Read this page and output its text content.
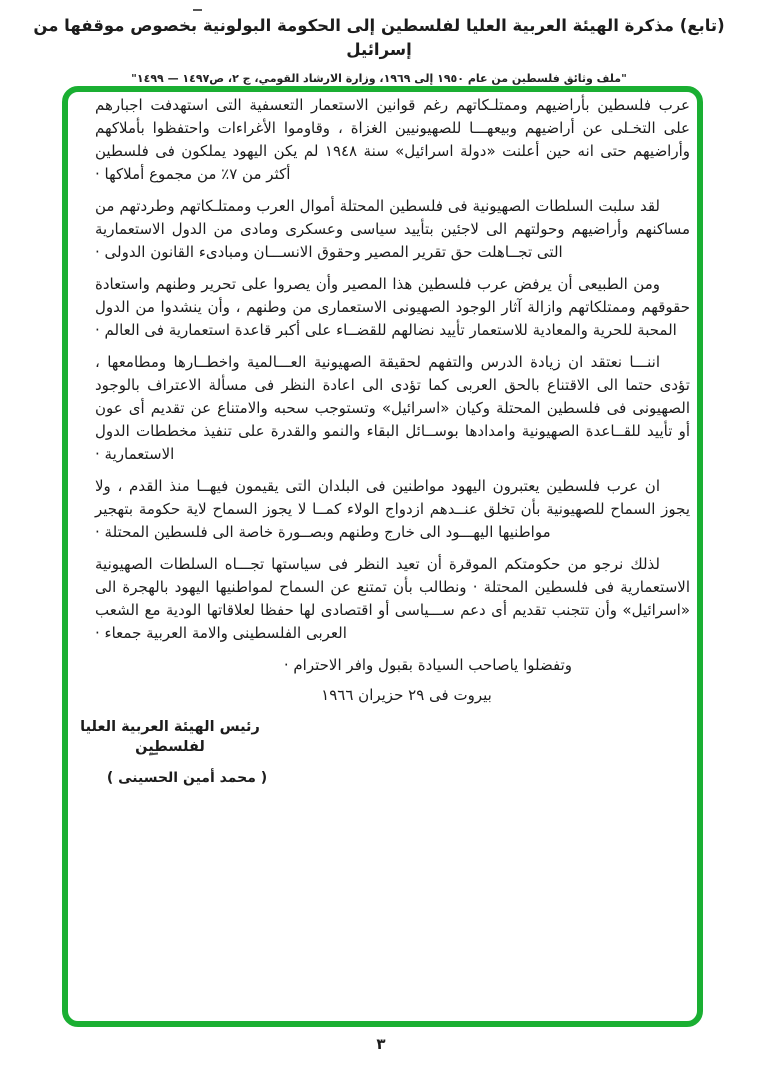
(تابع) مذكرة الهيئة العربية العليا لفلسطين إلى الحكومة البولونية بخصوص موقفها من إسرائيل
"ملف وثائق فلسطين من عام ١٩٥٠ إلى ١٩٦٩، وزارة الارشاد القومي، ج ٢، ص١٤٩٧ — ١٤٩٩"

عرب فلسطين بأراضيهم وممتلـكاتهم رغم قوانين الاستعمار التعسفية التى استهدفت اجبارهم على التخـلى عن أراضيهم وبيعهـــا للصهيونيين الغزاة ، وقاوموا الأغراءات واحتفظوا بأملاكهم وأراضيهم حتى انه حين أعلنت «دولة اسرائيل» سنة ١٩٤٨ لم يكن اليهود يملكون فى فلسطين أكثر من ٧٪ من مجموع أملاكها ·

لقد سلبت السلطات الصهيونية فى فلسطين المحتلة أموال العرب وممتلـكاتهم وطردتهم من مساكنهم وأراضيهم وحولتهم الى لاجئين بتأييد سياسى وعسكرى ومادى من الدول الاستعمارية التى تجــاهلت حق تقرير المصير وحقوق الانســـان ومبادىء القانون الدولى ·

ومن الطبيعى أن يرفض عرب فلسطين هذا المصير وأن يصروا على تحرير وطنهم واستعادة حقوقهم وممتلكاتهم وازالة آثار الوجود الصهيونى الاستعمارى من وطنهم ، وأن ينشدوا من الدول المحبة للحرية والمعادية للاستعمار تأييد نضالهم للقضــاء على أكبر قاعدة استعمارية فى العالم ·

اننـــا نعتقد ان زيادة الدرس والتفهم لحقيقة الصهيونية العـــالمية واخطــارها ومطامعها ، تؤدى حتما الى الاقتناع بالحق العربى كما تؤدى الى اعادة النظر فى مسألة الاعتراف بالوجود الصهيونى فى فلسطين المحتلة وكيان «اسرائيل» وتستوجب سحبه والامتناع عن تقديم أى عون أو تأييد للقــاعدة الصهيونية وامدادها بوســائل البقاء والنمو والقدرة على تنفيذ مخططات الدول الاستعمارية ·

ان عرب فلسطين يعتبرون اليهود مواطنين فى البلدان التى يقيمون فيهــا منذ القدم ، ولا يجوز السماح للصهيونية بأن تخلق عنــدهم ازدواج الولاء كمــا لا يجوز السماح لاية حكومة بتهجير مواطنيها اليهـــود الى خارج وطنهم وبصــورة خاصة الى فلسطين المحتلة ·

لذلك نرجو من حكومتكم الموقرة أن تعيد النظر فى سياستها تجـــاه السلطات الصهيونية الاستعمارية فى فلسطين المحتلة · ونطالب بأن تمتنع عن السماح لمواطنيها اليهود بالهجرة الى «اسرائيل» وأن تتجنب تقديم أى دعم ســـياسى أو اقتصادى لها حفظا لعلاقاتها الودية مع الشعب العربى الفلسطينى والامة العربية جمعاء ·

وتفضلوا ياصاحب السيادة بقبول وافر الاحترام ·
بيروت فى ٢٩ حزيران ١٩٦٦
رئيس الهيئة العربية العليا لفلسطين
( محمد أمين الحسينى )
٣
